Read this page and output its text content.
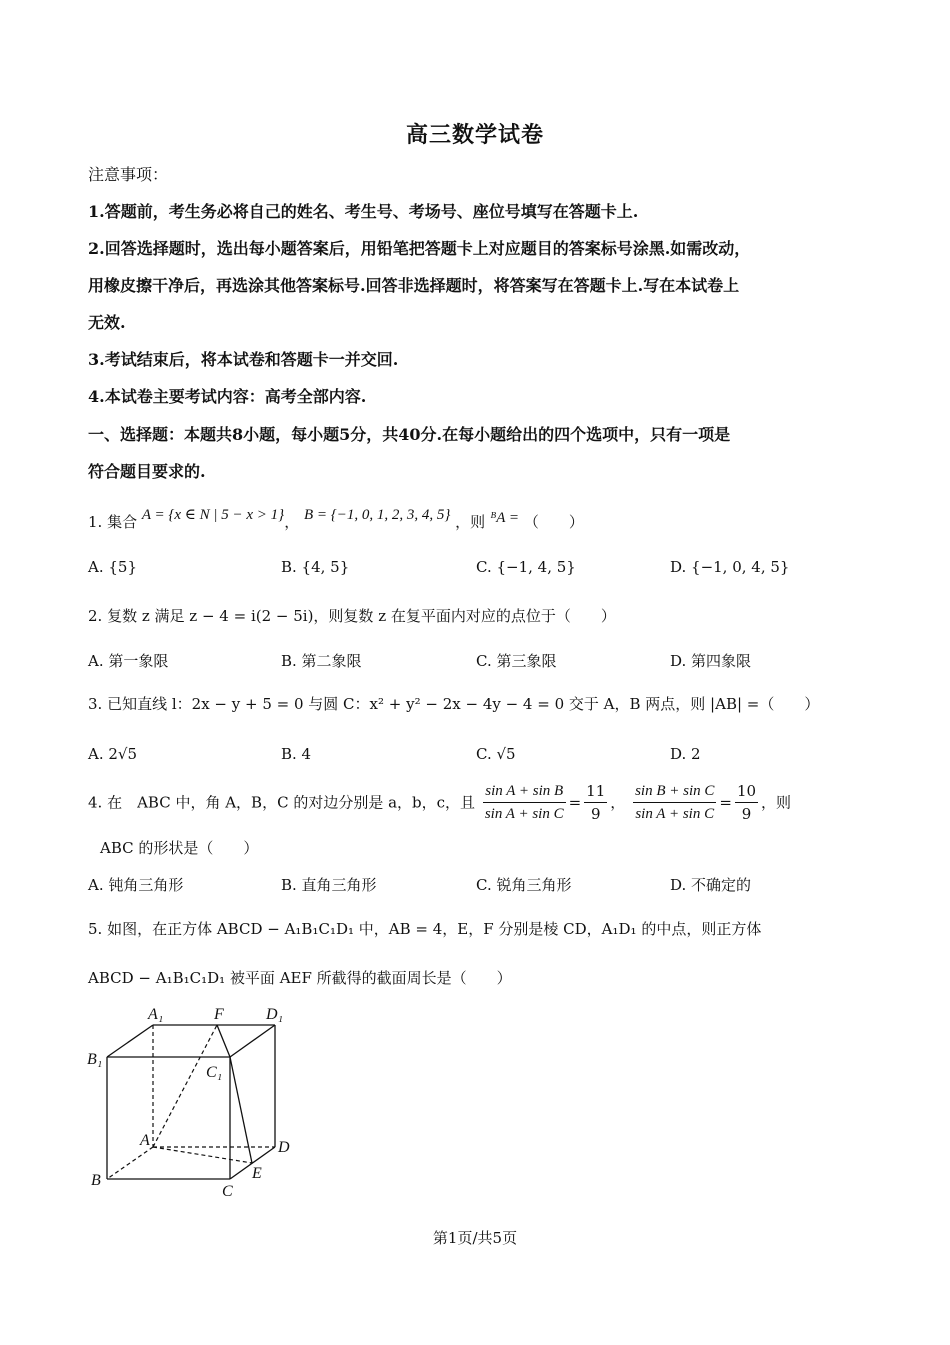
高三数学试卷
注意事项：
1.答题前，考生务必将自己的姓名、考生号、考场号、座位号填写在答题卡上.
2.回答选择题时，选出每小题答案后，用铅笔把答题卡上对应题目的答案标号涂黑.如需改动，
用橡皮擦干净后，再选涂其他答案标号.回答非选择题时，将答案写在答题卡上.写在本试卷上
无效.
3.考试结束后，将本试卷和答题卡一并交回.
4.本试卷主要考试内容：高考全部内容.
一、选择题：本题共8小题，每小题5分，共40分.在每小题给出的四个选项中，只有一项是
符合题目要求的.
1. 集合 A = {x ∈ N | 5 − x > 1}， B = {−1, 0, 1, 2, 3, 4, 5} ，则 ᴮA = （　　）
A. {5}	B. {4, 5}	C. {−1, 4, 5}	D. {−1, 0, 4, 5}
2. 复数 z 满足 z − 4 = i(2 − 5i)，则复数 z 在复平面内对应的点位于（　　）
A. 第一象限	B. 第二象限	C. 第三象限	D. 第四象限
3. 已知直线 l：2x − y + 5 = 0 与圆 C：x² + y² − 2x − 4y − 4 = 0 交于 A，B 两点，则 |AB| =（　　）
A. 2√5	B. 4	C. √5	D. 2
4. 在　ABC 中，角 A，B，C 的对边分别是 a，b，c，且 $\frac{\text{sin A + sin B}}{\text{sin A + sin C}} = \frac{11}{9}$ ， $\frac{\text{sin B + sin C}}{\text{sin A + sin C}} = \frac{10}{9}$ ，则
ABC 的形状是（　　）
A. 钝角三角形	B. 直角三角形	C. 锐角三角形	D. 不确定的
5. 如图，在正方体 ABCD − A₁B₁C₁D₁ 中，AB = 4，E，F 分别是棱 CD，A₁D₁ 的中点，则正方体
ABCD − A₁B₁C₁D₁ 被平面 AEF 所截得的截面周长是（　　）
A₁	F	D₁
B₁
C₁
A	D
B
C
E
第1页/共5页
